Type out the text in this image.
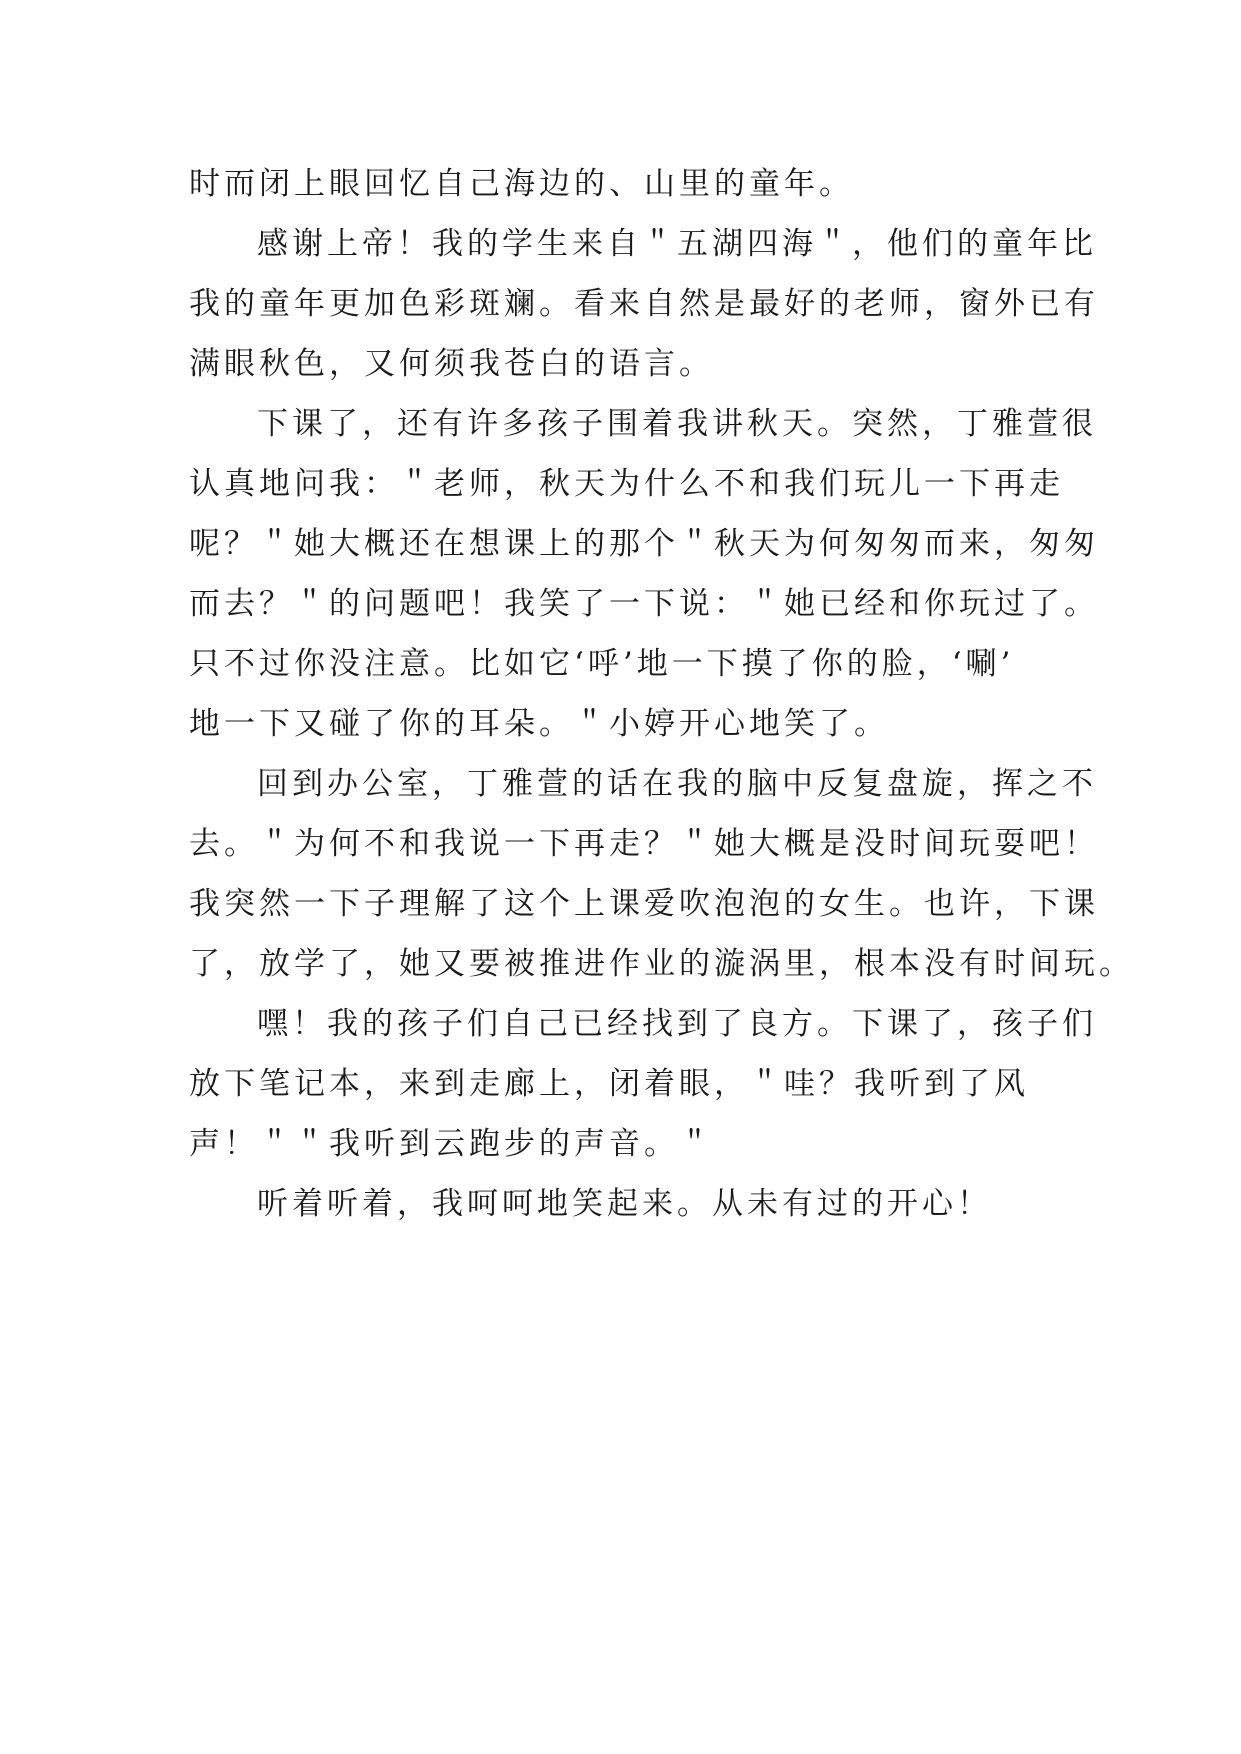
时而闭上眼回忆自己海边的、山里的童年。
感谢上帝！我的学生来自＂五湖四海＂，他们的童年比
我的童年更加色彩斑斓。看来自然是最好的老师，窗外已有
满眼秋色，又何须我苍白的语言。
下课了，还有许多孩子围着我讲秋天。突然，丁雅萱很
认真地问我：＂老师，秋天为什么不和我们玩儿一下再走
呢？＂她大概还在想课上的那个＂秋天为何匆匆而来，匆匆
而去？＂的问题吧！我笑了一下说：＂她已经和你玩过了。
只不过你没注意。比如它‘呼’地一下摸了你的脸，‘唰’
地一下又碰了你的耳朵。＂小婷开心地笑了。
回到办公室，丁雅萱的话在我的脑中反复盘旋，挥之不
去。＂为何不和我说一下再走？＂她大概是没时间玩耍吧！
我突然一下子理解了这个上课爱吹泡泡的女生。也许，下课
了，放学了，她又要被推进作业的漩涡里，根本没有时间玩。
嘿！我的孩子们自己已经找到了良方。下课了，孩子们
放下笔记本，来到走廊上，闭着眼，＂哇？我听到了风
声！＂＂我听到云跑步的声音。＂
听着听着，我呵呵地笑起来。从未有过的开心！
